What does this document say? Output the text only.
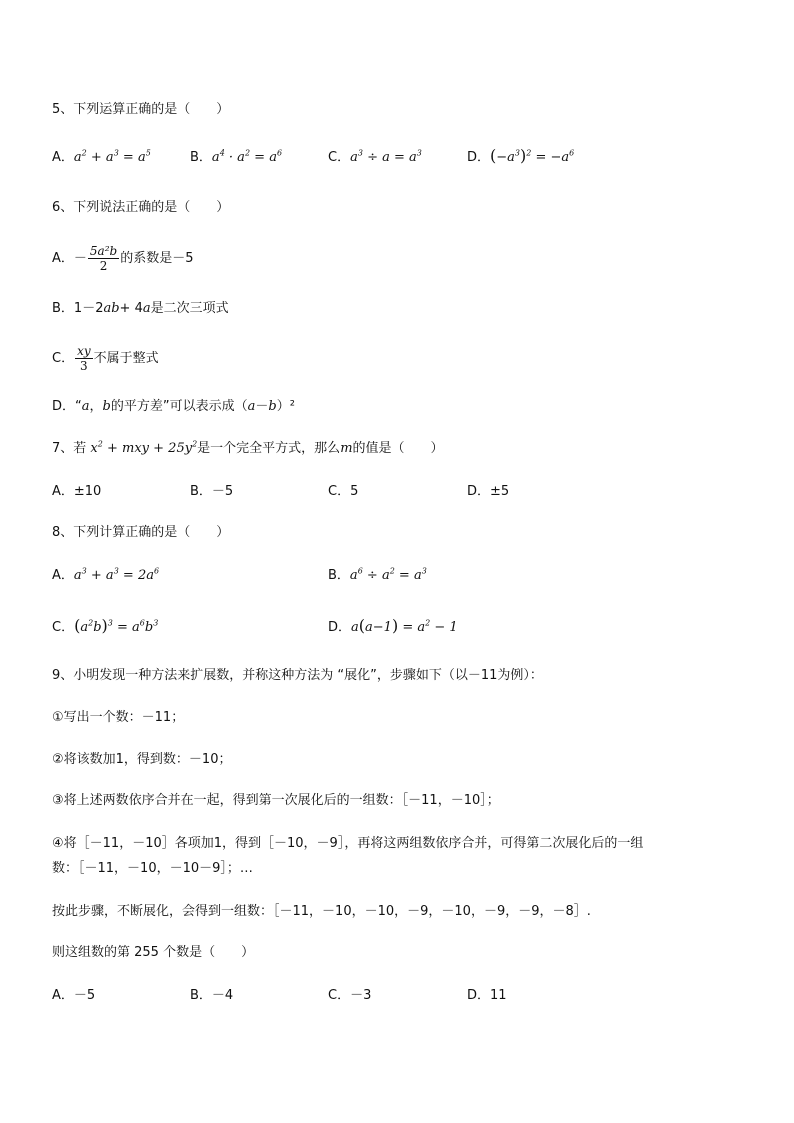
5、下列运算正确的是（　　）
A．$a^2 + a^3 = a^5$	B．$a^4 \cdot a^2 = a^6$	C．$a^3 \div a = a^3$	D．$(-a^3)^2 = -a^6$
6、下列说法正确的是（　　）
A．－ $\frac{\text{5a²b}}{2}$ 的系数是－5
B．1－2ab+ 4a是二次三项式
C． $\frac{xy}{3}$ 不属于整式
D．“a，b的平方差”可以表示成（a－b）²
7、若 $x^2$ + mxy + $25y^2$是一个完全平方式，那么m的值是（　　）
A．±10	B．－5	C．5	D．±5
8、下列计算正确的是（　　）
A．$a^3 + a^3 = 2a^6$	B．$a^6 \div a^2 = a^3$
C．$(a^2b)^3 = a^6b^3$	D．$a(a-1) = a^2 - 1$
9、小明发现一种方法来扩展数，并称这种方法为 “展化”，步骤如下（以－11为例）：
①写出一个数：－11；
②将该数加1，得到数：－10；
③将上述两数依序合并在一起，得到第一次展化后的一组数：［－11，－10］；
④将［－11，－10］各项加1，得到［－10，－9］，再将这两组数依序合并，可得第二次展化后的一组
数：［－11，－10，－10－9］；…
按此步骤，不断展化，会得到一组数：［－11，－10，－10，－9，－10，－9，－9，－8］.
则这组数的第 255 个数是（　　）
A．－5	B．－4	C．－3	D．11
